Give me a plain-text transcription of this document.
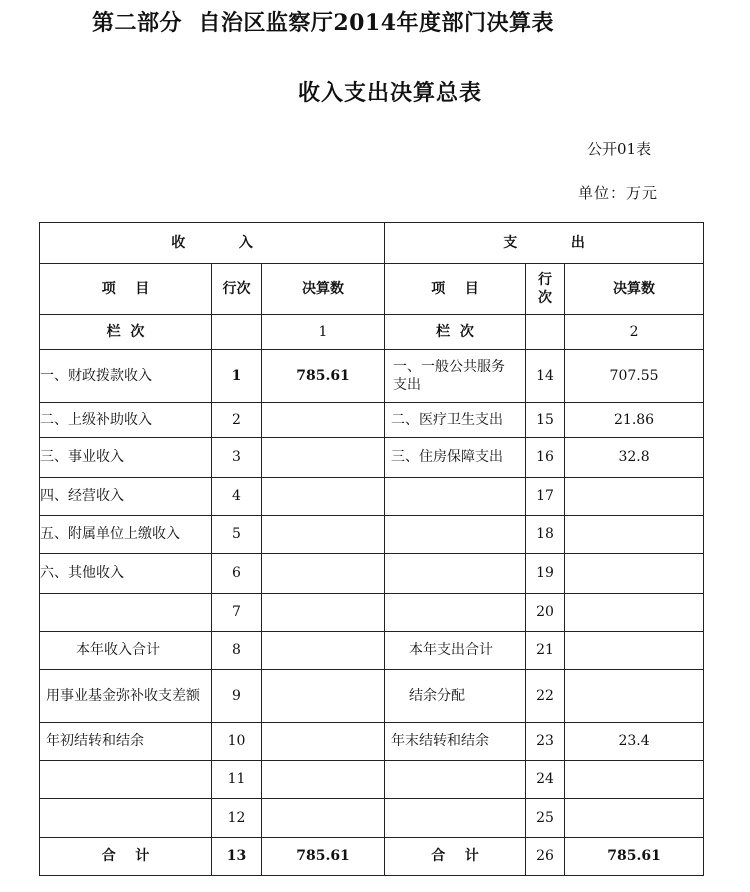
第二部分  自治区监察厅2014年度部门决算表
收入支出决算总表
公开01表
单位：万元
收           入			支           出		
项    目	行次	决算数	项    目	行次	决算数
栏  次		1	栏  次		2
一、财政拨款收入	1	785.61	一、一般公共服务支出	14	707.55
二、上级补助收入	2		二、医疗卫生支出	15	21.86
三、事业收入	3		三、住房保障支出	16	32.8
四、经营收入	4			17	
五、附属单位上缴收入	5			18	
六、其他收入	6			19	
	7			20	
本年收入合计	8		本年支出合计	21	
用事业基金弥补收支差额	9		结余分配	22	
年初结转和结余	10		年末结转和结余	23	23.4
	11			24	
	12			25	
合    计	13	785.61	合    计	26	785.61
